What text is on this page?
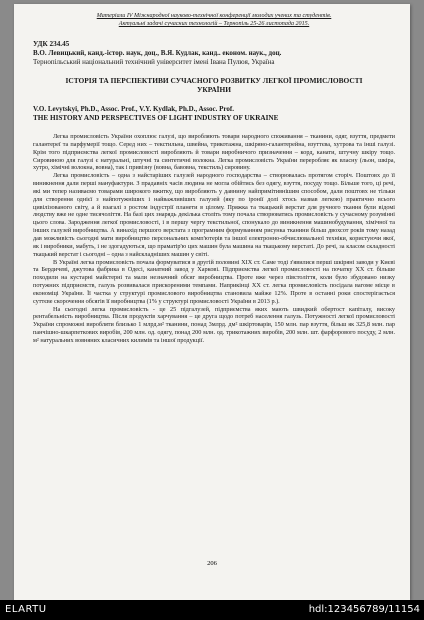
Матеріали IV Міжнародної науково-технічної конференції молодих учених та студентів.
Актуальні задачі сучасних технологій – Тернопіль 25-26 листопада 2015.
УДК 234.45
В.О. Левицький, канд.-істор. наук, доц., В.Я. Кудлак, канд.. економ. наук., доц.
Тернопільський національний технічний університет імені Івана Пулюя, Україна
ІСТОРІЯ ТА ПЕРСПЕКТИВИ СУЧАСНОГО РОЗВИТКУ ЛЕГКОЇ ПРОМИСЛОВОСТІ УКРАЇНИ
V.O. Levytskyi, Ph.D., Assoc. Prof., V.Y. Kydlak, Ph.D., Assoc. Prof.
THE HISTORY AND PERSPECTIVES OF LIGHT INDUSTRY OF UKRAINE

Легка промисловість України охоплює галузі, що виробляють товари народного споживання – тканини, одяг, взуття, предмети галантереї та парфумерії тощо. Серед них – текстильна, швейна, трикотажна, шкіряно-галантерейна, взуттєва, хутрова та інші галузі. Крім того підприємства легкої промисловості виробляють й товари виробничого призначення – корд, канати, штучну шкіру тощо. Сировиною для галузі є натуральні, штучні та синтетичні волокна. Легка промисловість України переробляє як власну (льон, шкіра, хутро, хімічні волокна, вовна), так і привізну (вовна, бавовна, текстиль) сировину.

Легка промисловість – одна з найстаріших галузей народного господарства – створювалась протягом сторіч. Поштовх до її виникнення дали перші мануфактури. З прадавніх часів людина не могла обійтись без одягу, взуття, посуду тощо. Більше того, ці речі, які ми тепер називаємо товарами широкого вжитку, що виробляють у давнину найпримітивнішим способом, дали поштовх не тільки для створення однієї з найпотужніших і найважливіших галузей (яку по іронії долі хтось назвав легкою) практично всього цивілізованого світу, а й взагалі з ростом індустрії планети в цілому. Пряжка та ткацький верстат для ручного ткання були відомі людству вже не одне тисячоліття. На базі цих знарядь декілька століть тому почала створюватись промисловість у сучасному розумінні цього слова. Зародження легкої промисловості, і в першу чергу текстильної, спонукало до виникнення машинобудування, хімічної та інших галузей виробництва. А винахід першого верстата з програмним формуванням рисунка тканини більш двохсот років тому назад дав можливість сьогодні мати виробництво персональних комп'ютерів та іншої електронно-обчислювальної техніки, користуючи якої, як і виробники, мабуть, і не здогадуються, що праматір'ю цих машин була машина на ткацькому верстаті. До речі, за класом складності ткацький верстат і сьогодні – одна з найскладніших машин у світі.

В Україні легка промисловість почала формуватися в другій половині XIX ст. Саме тоді з'явилися перші шкіряні заводи у Києві та Бердичеві, джутова фабрика в Одесі, канатний завод у Харкові. Підприємства легкої промисловості на початку XX ст. більше походили на кустарні майстерні та мали незначний обсяг виробництва. Проте вже через півстоліття, коли було збудовано низку потужних підприємств, галузь розвивалася прискореними темпами. Наприкінці XX ст. легка промисловість посідала вагоме місце в економіці України. Її частка у структурі промислового виробництва становила майже 12%. Проте в останні роки спостерігається суттєве скорочення обсягів її виробництва (1% у структурі промисловості України в 2013 р.).

На сьогодні легка промисловість - це 25 підгалузей, підприємства яких мають швидкий обертост капіталу, високу рентабельність виробництва. Після продуктів харчування – це друга щодо потреб населення галузь. Потужності легкої промисловості України спроможні виробляти близько 1 млрд.м² тканини, понад 3млрд. дм² шкіртоварів, 150 млн. пар взуття, більш як 325,8 млн. пар панчішно-шкарпеткових виробів, 200 млн. од. одягу, понад 200 млн. од. трикотажних виробів, 200 млн. шт. фарфорового посуду, 2 млн. м² натуральних вовняних класичних килимів та іншої продукції.

206
ELARTU	hdl:123456789/11154
